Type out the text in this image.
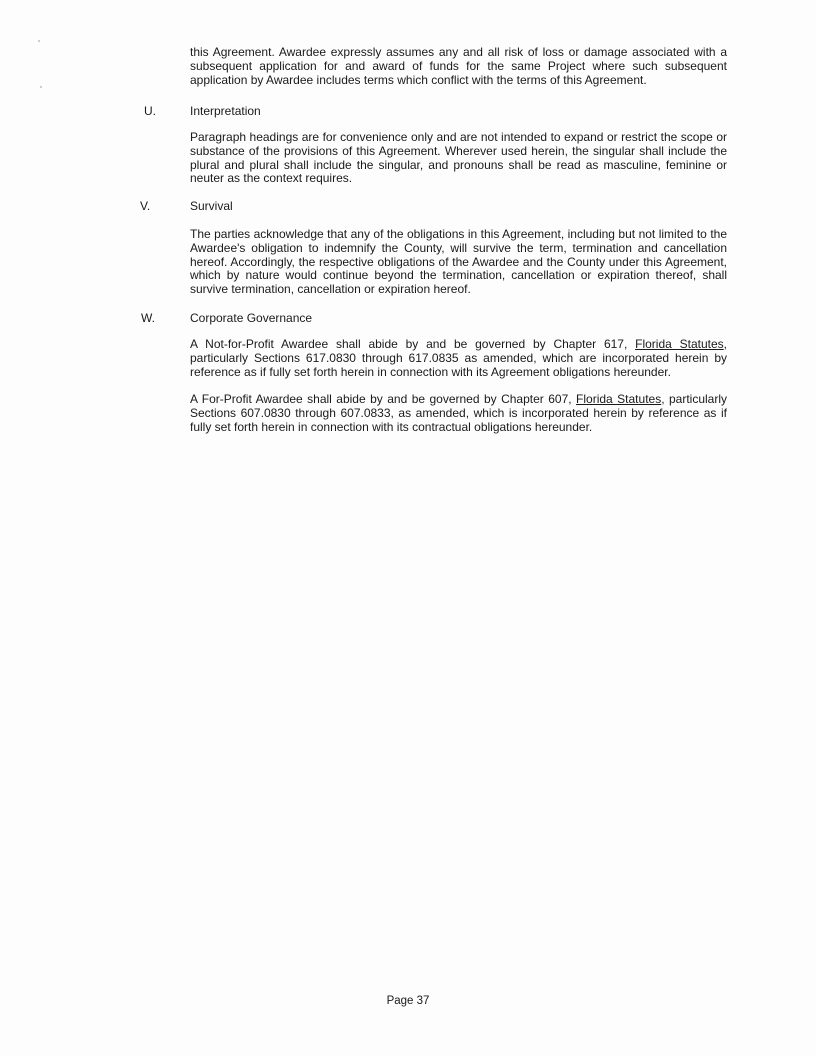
this Agreement. Awardee expressly assumes any and all risk of loss or damage associated with a subsequent application for and award of funds for the same Project where such subsequent application by Awardee includes terms which conflict with the terms of this Agreement.

U.	Interpretation

Paragraph headings are for convenience only and are not intended to expand or restrict the scope or substance of the provisions of this Agreement. Wherever used herein, the singular shall include the plural and plural shall include the singular, and pronouns shall be read as masculine, feminine or neuter as the context requires.

V.	Survival

The parties acknowledge that any of the obligations in this Agreement, including but not limited to the Awardee's obligation to indemnify the County, will survive the term, termination and cancellation hereof. Accordingly, the respective obligations of the Awardee and the County under this Agreement, which by nature would continue beyond the termination, cancellation or expiration thereof, shall survive termination, cancellation or expiration hereof.

W.	Corporate Governance

A Not-for-Profit Awardee shall abide by and be governed by Chapter 617, Florida Statutes, particularly Sections 617.0830 through 617.0835 as amended, which are incorporated herein by reference as if fully set forth herein in connection with its Agreement obligations hereunder.

A For-Profit Awardee shall abide by and be governed by Chapter 607, Florida Statutes, particularly Sections 607.0830 through 607.0833, as amended, which is incorporated herein by reference as if fully set forth herein in connection with its contractual obligations hereunder.

Page 37
